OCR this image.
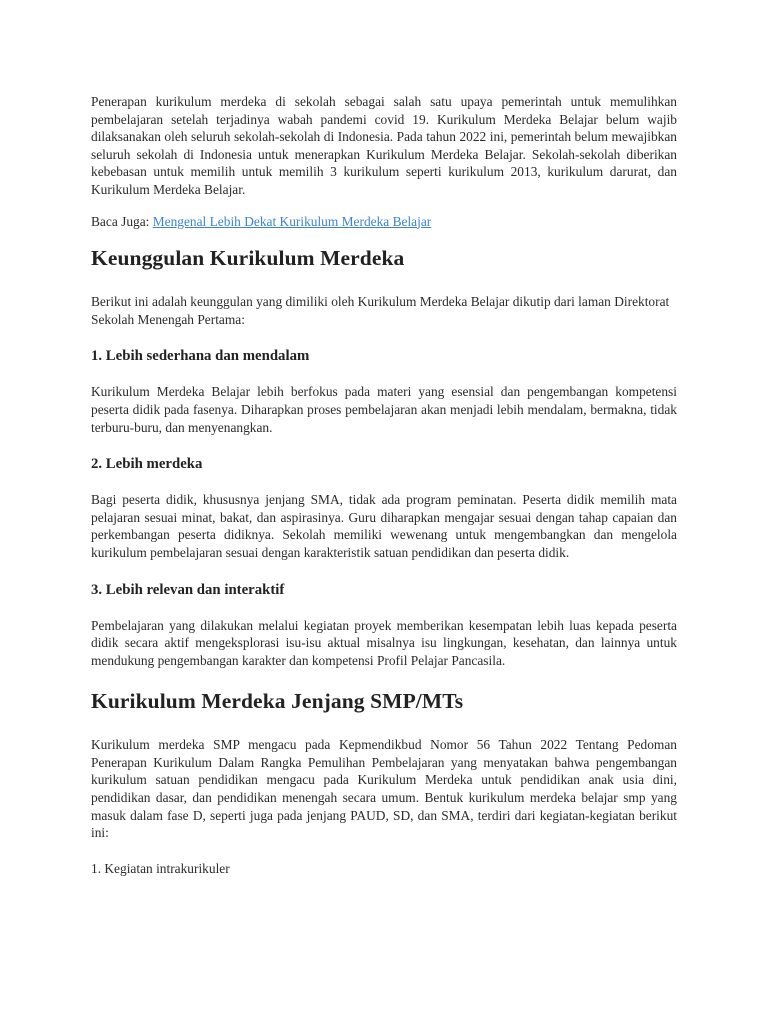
Penerapan kurikulum merdeka di sekolah sebagai salah satu upaya pemerintah untuk memulihkan pembelajaran setelah terjadinya wabah pandemi covid 19. Kurikulum Merdeka Belajar belum wajib dilaksanakan oleh seluruh sekolah-sekolah di Indonesia. Pada tahun 2022 ini, pemerintah belum mewajibkan seluruh sekolah di Indonesia untuk menerapkan Kurikulum Merdeka Belajar. Sekolah-sekolah diberikan kebebasan untuk memilih untuk memilih 3 kurikulum seperti kurikulum 2013, kurikulum darurat, dan Kurikulum Merdeka Belajar.

Baca Juga: Mengenal Lebih Dekat Kurikulum Merdeka Belajar

Keunggulan Kurikulum Merdeka

Berikut ini adalah keunggulan yang dimiliki oleh Kurikulum Merdeka Belajar dikutip dari laman Direktorat Sekolah Menengah Pertama:

1. Lebih sederhana dan mendalam

Kurikulum Merdeka Belajar lebih berfokus pada materi yang esensial dan pengembangan kompetensi peserta didik pada fasenya. Diharapkan proses pembelajaran akan menjadi lebih mendalam, bermakna, tidak terburu-buru, dan menyenangkan.

2. Lebih merdeka

Bagi peserta didik, khususnya jenjang SMA, tidak ada program peminatan. Peserta didik memilih mata pelajaran sesuai minat, bakat, dan aspirasinya. Guru diharapkan mengajar sesuai dengan tahap capaian dan perkembangan peserta didiknya. Sekolah memiliki wewenang untuk mengembangkan dan mengelola kurikulum pembelajaran sesuai dengan karakteristik satuan pendidikan dan peserta didik.

3. Lebih relevan dan interaktif

Pembelajaran yang dilakukan melalui kegiatan proyek memberikan kesempatan lebih luas kepada peserta didik secara aktif mengeksplorasi isu-isu aktual misalnya isu lingkungan, kesehatan, dan lainnya untuk mendukung pengembangan karakter dan kompetensi Profil Pelajar Pancasila.

Kurikulum Merdeka Jenjang SMP/MTs

Kurikulum merdeka SMP mengacu pada Kepmendikbud Nomor 56 Tahun 2022 Tentang Pedoman Penerapan Kurikulum Dalam Rangka Pemulihan Pembelajaran yang menyatakan bahwa pengembangan kurikulum satuan pendidikan mengacu pada Kurikulum Merdeka untuk pendidikan anak usia dini, pendidikan dasar, dan pendidikan menengah secara umum. Bentuk kurikulum merdeka belajar smp yang masuk dalam fase D, seperti juga pada jenjang PAUD, SD, dan SMA, terdiri dari kegiatan-kegiatan berikut ini:

1. Kegiatan intrakurikuler
